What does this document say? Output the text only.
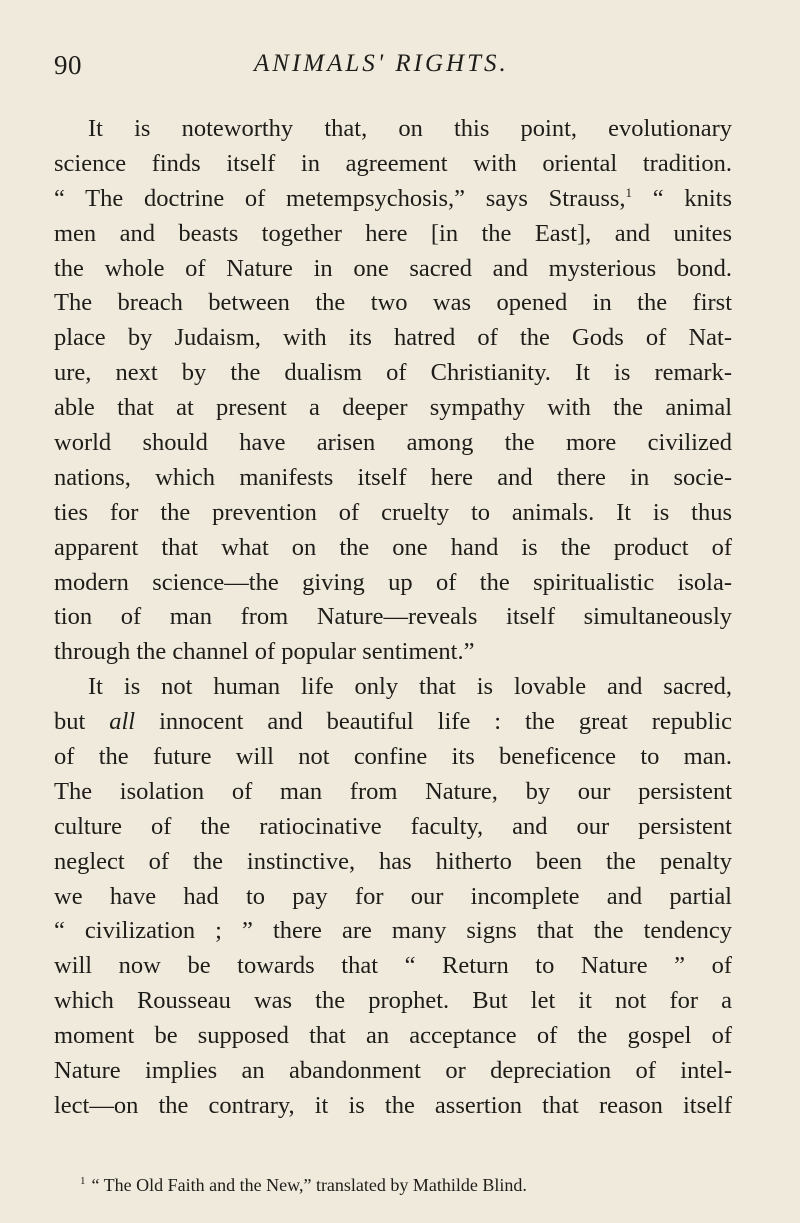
90	ANIMALS' RIGHTS.
It is noteworthy that, on this point, evolutionary
science finds itself in agreement with oriental tradition.
“ The doctrine of metempsychosis,” says Strauss,$^1$ “ knits
men and beasts together here [in the East], and unites
the whole of Nature in one sacred and mysterious bond.
The breach between the two was opened in the first
place by Judaism, with its hatred of the Gods of Nat-
ure, next by the dualism of Christianity. It is remark-
able that at present a deeper sympathy with the animal
world should have arisen among the more civilized
nations, which manifests itself here and there in socie-
ties for the prevention of cruelty to animals. It is thus
apparent that what on the one hand is the product of
modern science—the giving up of the spiritualistic isola-
tion of man from Nature—reveals itself simultaneously
through the channel of popular sentiment.”
It is not human life only that is lovable and sacred,
but all innocent and beautiful life : the great republic
of the future will not confine its beneficence to man.
The isolation of man from Nature, by our persistent
culture of the ratiocinative faculty, and our persistent
neglect of the instinctive, has hitherto been the penalty
we have had to pay for our incomplete and partial
“ civilization ; ” there are many signs that the tendency
will now be towards that “ Return to Nature ” of
which Rousseau was the prophet. But let it not for a
moment be supposed that an acceptance of the gospel of
Nature implies an abandonment or depreciation of intel-
lect—on the contrary, it is the assertion that reason itself
$^1$ “ The Old Faith and the New,” translated by Mathilde Blind.
